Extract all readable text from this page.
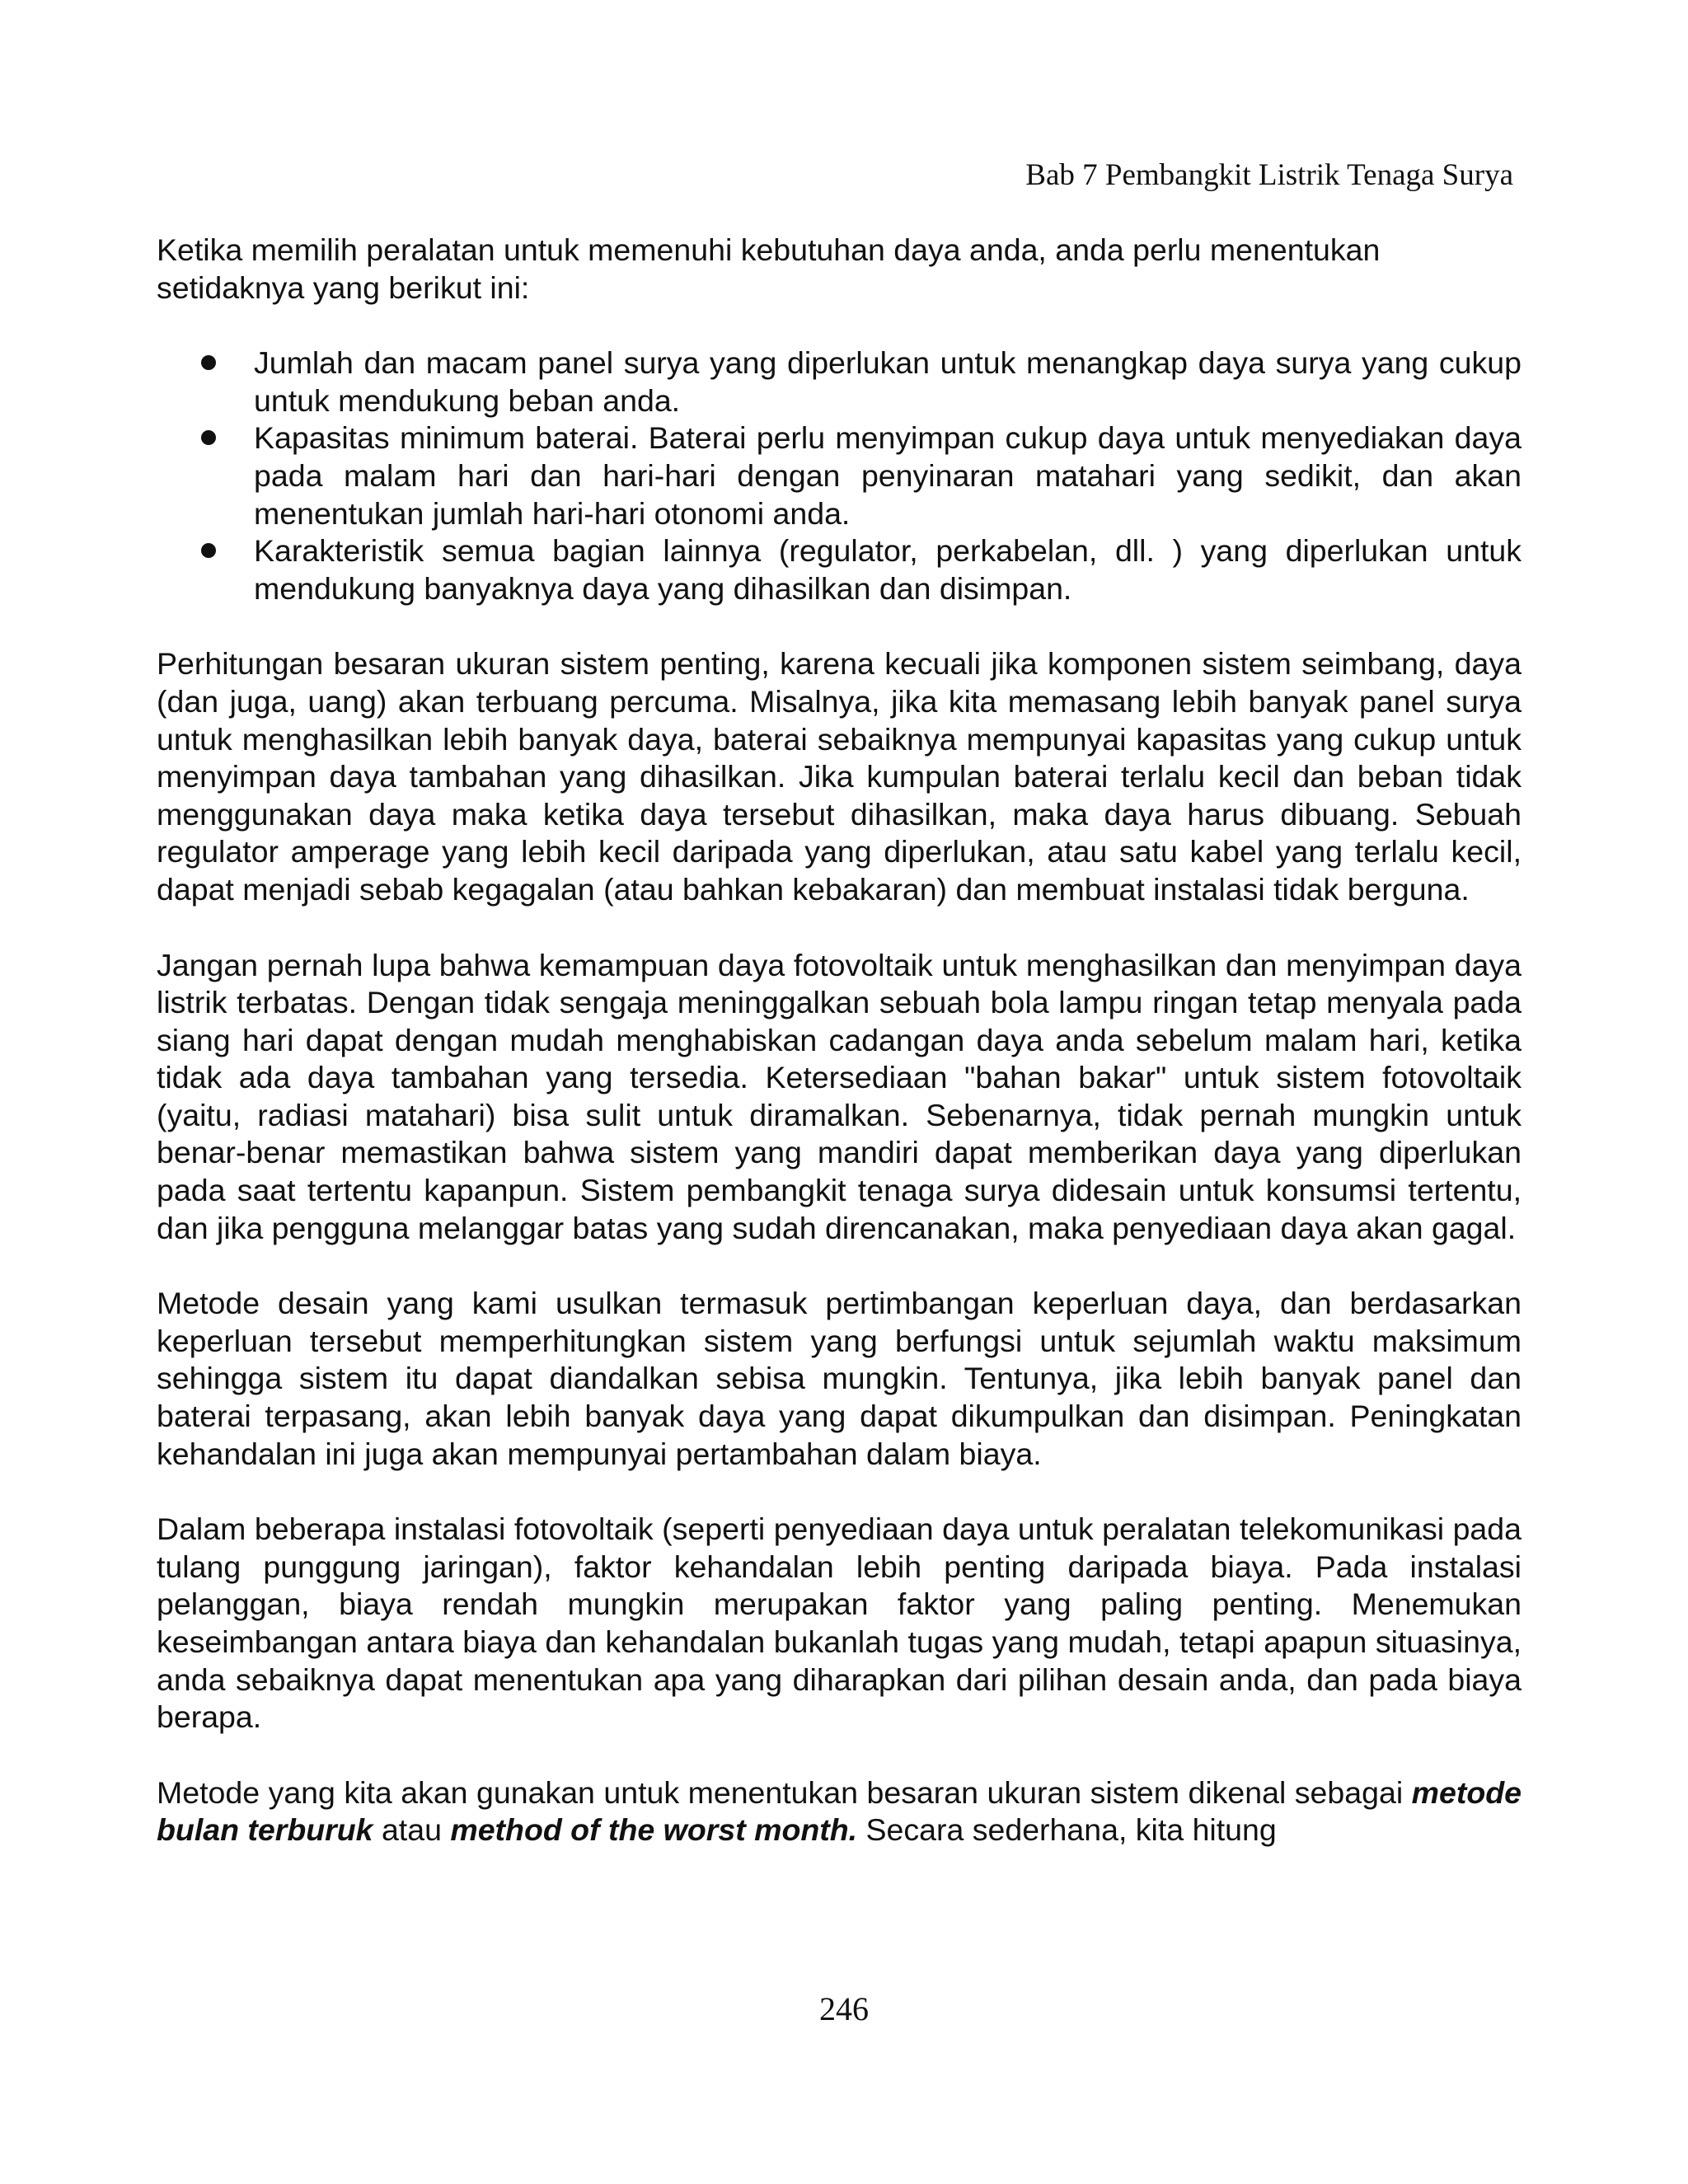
Bab 7 Pembangkit Listrik Tenaga Surya

Ketika memilih peralatan untuk memenuhi kebutuhan daya anda, anda perlu menentukan setidaknya yang berikut ini:

Jumlah dan macam panel surya yang diperlukan untuk menangkap daya surya yang cukup untuk mendukung beban anda.
Kapasitas minimum baterai. Baterai perlu menyimpan cukup daya untuk menyediakan daya pada malam hari dan hari-hari dengan penyinaran matahari yang sedikit, dan akan menentukan jumlah hari-hari otonomi anda.
Karakteristik semua bagian lainnya (regulator, perkabelan, dll. ) yang diperlukan untuk mendukung banyaknya daya yang dihasilkan dan disimpan.

Perhitungan besaran ukuran sistem penting, karena kecuali jika komponen sistem seimbang, daya (dan juga, uang) akan terbuang percuma. Misalnya, jika kita memasang lebih banyak panel surya untuk menghasilkan lebih banyak daya, baterai sebaiknya mempunyai kapasitas yang cukup untuk menyimpan daya tambahan yang dihasilkan. Jika kumpulan baterai terlalu kecil dan beban tidak menggunakan daya maka ketika daya tersebut dihasilkan, maka daya harus dibuang. Sebuah regulator amperage yang lebih kecil daripada yang diperlukan, atau satu kabel yang terlalu kecil, dapat menjadi sebab kegagalan (atau bahkan kebakaran) dan membuat instalasi tidak berguna.

Jangan pernah lupa bahwa kemampuan daya fotovoltaik untuk menghasilkan dan menyimpan daya listrik terbatas. Dengan tidak sengaja meninggalkan sebuah bola lampu ringan tetap menyala pada siang hari dapat dengan mudah menghabiskan cadangan daya anda sebelum malam hari, ketika tidak ada daya tambahan yang tersedia. Ketersediaan "bahan bakar" untuk sistem fotovoltaik (yaitu, radiasi matahari) bisa sulit untuk diramalkan. Sebenarnya, tidak pernah mungkin untuk benar-benar memastikan bahwa sistem yang mandiri dapat memberikan daya yang diperlukan pada saat tertentu kapanpun. Sistem pembangkit tenaga surya didesain untuk konsumsi tertentu, dan jika pengguna melanggar batas yang sudah direncanakan, maka penyediaan daya akan gagal.

Metode desain yang kami usulkan termasuk pertimbangan keperluan daya, dan berdasarkan keperluan tersebut memperhitungkan sistem yang berfungsi untuk sejumlah waktu maksimum sehingga sistem itu dapat diandalkan sebisa mungkin. Tentunya, jika lebih banyak panel dan baterai terpasang, akan lebih banyak daya yang dapat dikumpulkan dan disimpan. Peningkatan kehandalan ini juga akan mempunyai pertambahan dalam biaya.

Dalam beberapa instalasi fotovoltaik (seperti penyediaan daya untuk peralatan telekomunikasi pada tulang punggung jaringan), faktor kehandalan lebih penting daripada biaya. Pada instalasi pelanggan, biaya rendah mungkin merupakan faktor yang paling penting. Menemukan keseimbangan antara biaya dan kehandalan bukanlah tugas yang mudah, tetapi apapun situasinya, anda sebaiknya dapat menentukan apa yang diharapkan dari pilihan desain anda, dan pada biaya berapa.

Metode yang kita akan gunakan untuk menentukan besaran ukuran sistem dikenal sebagai metode bulan terburuk atau method of the worst month. Secara sederhana, kita hitung

246
